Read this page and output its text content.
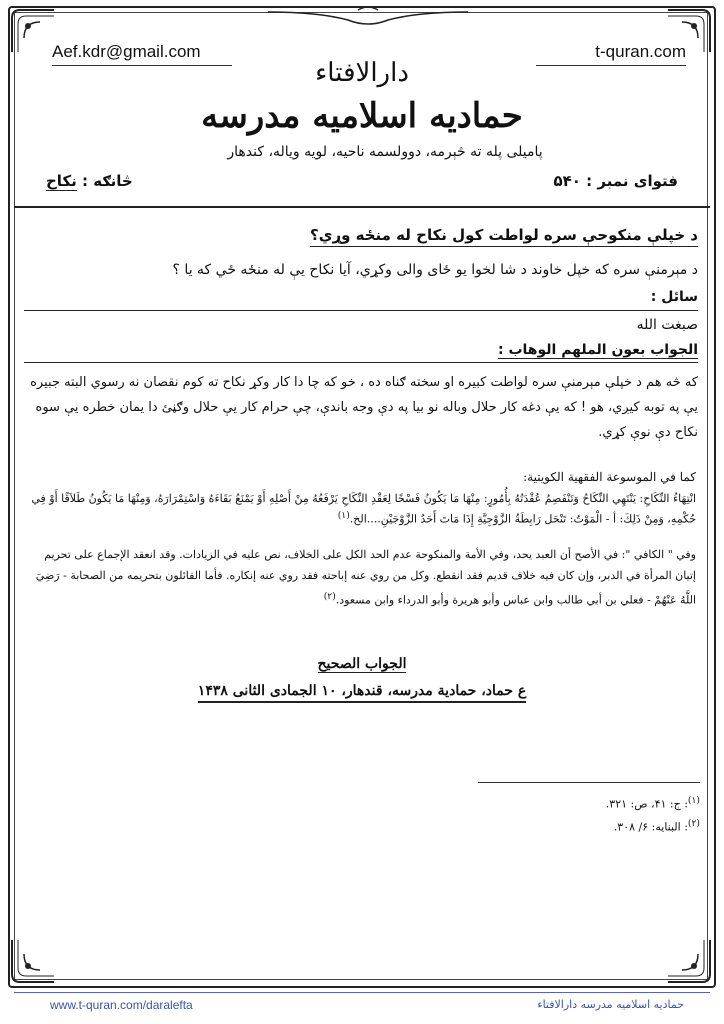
Aef.kdr@gmail.com	t-quran.com
دارالافتاء
حمادیه اسلامیه مدرسه
پامیلی پله ته څېرمه، دوولسمه ناحیه، لویه ویاله، کندهار
فتوای نمبر : ۵۴۰
څانګه : نکاح
د خپلې منکوحې سره لواطت کول نکاح له منځه وړي؟
د مېرمنې سره که خپل خاوند د شا لخوا یو ځای والی وکړي، آیا نکاح یې له منځه ځي که یا ؟
سائل :
صبغت الله
الجواب بعون الملهم الوهاب :
که څه هم د خپلې مېرمنې سره لواطت کبیره او سخته ګناه ده ، خو که چا دا کار وکړ نکاح ته کوم نقصان نه رسوي البته جبیره یې په توبه کیږي، هو ! که یې دغه کار حلال وباله نو بیا په دې وجه باندې، چې حرام کار یې حلال وګڼئ دا یمان خطره یې سوه نکاح دې نوې کړي.
كما في الموسوعة الفقهية الكويتية:
انْتِهَاءُ النِّكَاحِ: يَنْتَهِي النِّكَاحُ وَتَنْفَصِمُ عُقْدَتُهُ بِأُمُورٍ: مِنْهَا مَا يَكُونُ فَسْخًا لِعَقْدِ النِّكَاحِ يَرْفَعُهُ مِنْ أَصْلِهِ أَوْ يَمْنَعُ بَقَاءَهُ وَاسْتِمْرَارَهُ، وَمِنْهَا مَا يَكُونُ طَلاَقًا أَوْ فِي حُكْمِهِ، وَمِنْ ذَلِكَ: أ - الْمَوْتُ: تَنْحَل رَابِطَةُ الزَّوْجِيَّةِ إِذَا مَاتَ أَحَدُ الزَّوْجَيْنِ....الخ.$^{(۱)}$
وفي " الكافي ": في الأصح أن العبد يحد، وفي الأمة والمنكوحة عدم الحد الكل على الخلاف، نص عليه في الزيادات. وقد انعقد الإجماع على تحريم إتيان المرأة في الدبر، وإن كان فيه خلاف قديم فقد انقطع. وكل من روي عنه إباحته فقد روي عنه إنكاره. فأما القائلون بتحريمه من الصحابة - رَضِيَ اللَّهُ عَنْهُمْ - فعلي بن أبي طالب وابن عباس وأبو هريرة وأبو الدرداء وابن مسعود.$^{(۲)}$
الجواب الصحيح
ع حماد، حمادیة مدرسه، قندهار، ۱۰ الجمادی الثانی ۱۴۳۸
$^{(۱)}$: ج: ۴۱، ص: ۳۲۱.
$^{(۲)}$: البنایه: ۶/ ۳۰۸.
www.t-quran.com/daralefta	حمادیه اسلامیه مدرسه دارالافتاء
